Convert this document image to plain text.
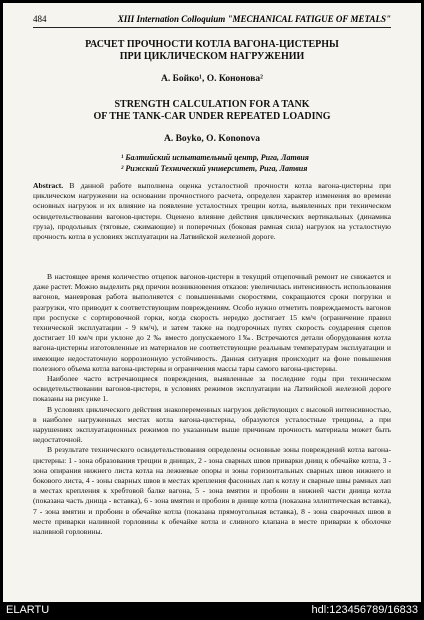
484	XIII Internation Colloquium "MECHANICAL FATIGUE OF METALS"
РАСЧЕТ ПРОЧНОСТИ КОТЛА ВАГОНА-ЦИСТЕРНЫ
ПРИ ЦИКЛИЧЕСКОМ НАГРУЖЕНИИ
А. Бойко¹, О. Кононова²
STRENGTH CALCULATION FOR A TANK
OF THE TANK-CAR UNDER REPEATED LOADING
A. Boyko, O. Kononova
¹ Балтийский испытательный центр, Рига, Латвия
² Рижский Технический университет, Рига, Латвия

Abstract. В данной работе выполнена оценка усталостной прочности котла вагона-цистерны при циклическом нагружении на основании прочностного расчета, определен характер изменения во времени основных нагрузок и их влияние на появление усталостных трещин котла, выявленных при техническом освидетельствовании вагонов-цистерн. Оценено влияние действия циклических вертикальных (динамика груза), продольных (тяговые, сжимающие) и поперечных (боковая рамная сила) нагрузок на усталостную прочность котла в условиях эксплуатации на Латвийской железной дороге.

В настоящее время количество отцепок вагонов-цистерн в текущий отцепочный ремонт не снижается и даже растет. Можно выделить ряд причин возникновения отказов: увеличилась интенсивность использования вагонов, маневровая работа выполняется с повышенными скоростями, сокращаются сроки погрузки и разгрузки, что приводит к соответствующим повреждениям. Особо нужно отметить повреждаемость вагонов при роспуске с сортировочной горки, когда скорость нередко достигает 15 км/ч (ограничение правил технической эксплуатации - 9 км/ч), и затем также на подгорочных путях скорость соударения сцепов достигает 10 км/ч при уклоне до 2 ‰ вместо допускаемого 1‰. Встречаются детали оборудования котла вагона-цистерны изготовленные из материалов не соответствующие реальным температурам эксплуатации и имеющие недостаточную коррозионную устойчивость. Данная ситуация происходит на фоне повышения полезного объема котла вагона-цистерны и ограничения массы тары самого вагона-цистерны.

Наиболее часто встречающиеся повреждения, выявленные за последние годы при техническом освидетельствовании вагонов-цистерн, в условиях режимов эксплуатации на Латвийской железной дороге показаны на рисунке 1.

В условиях циклического действия знакопеременных нагрузок действующих с высокой интенсивностью, в наиболее нагруженных местах котла вагона-цистерны, образуются усталостные трещины, а при нарушениях эксплуатационных режимов по указанным выше причинам прочность материала может быть недостаточной.

В результате технического освидетельствования определены основные зоны повреждений котла вагона-цистерны: 1 - зона образования трещин в днищах, 2 - зона сварных швов приварки днищ к обечайке котла, 3 - зона опирания нижнего листа котла на лежневые опоры и зоны горизонтальных сварных швов нижнего и бокового листа, 4 - зоны сварных швов в местах крепления фасонных лап к котлу и сварные швы рамных лап в местах крепления к хребтовой балке вагона, 5 - зона вмятин и пробоин в нижней части днища котла (показана часть днища - вставка), 6 - зона вмятин и пробоин в днище котла (показана эллиптическая вставка), 7 - зона вмятин и пробоин в обечайке котла (показана прямоугольная вставка), 8 - зона сварочных швов в месте приварки наливной горловины к обечайке котла и сливного клапана в месте приварки к оболочке наливной горловины.

ELARTU	hdl:123456789/16833
